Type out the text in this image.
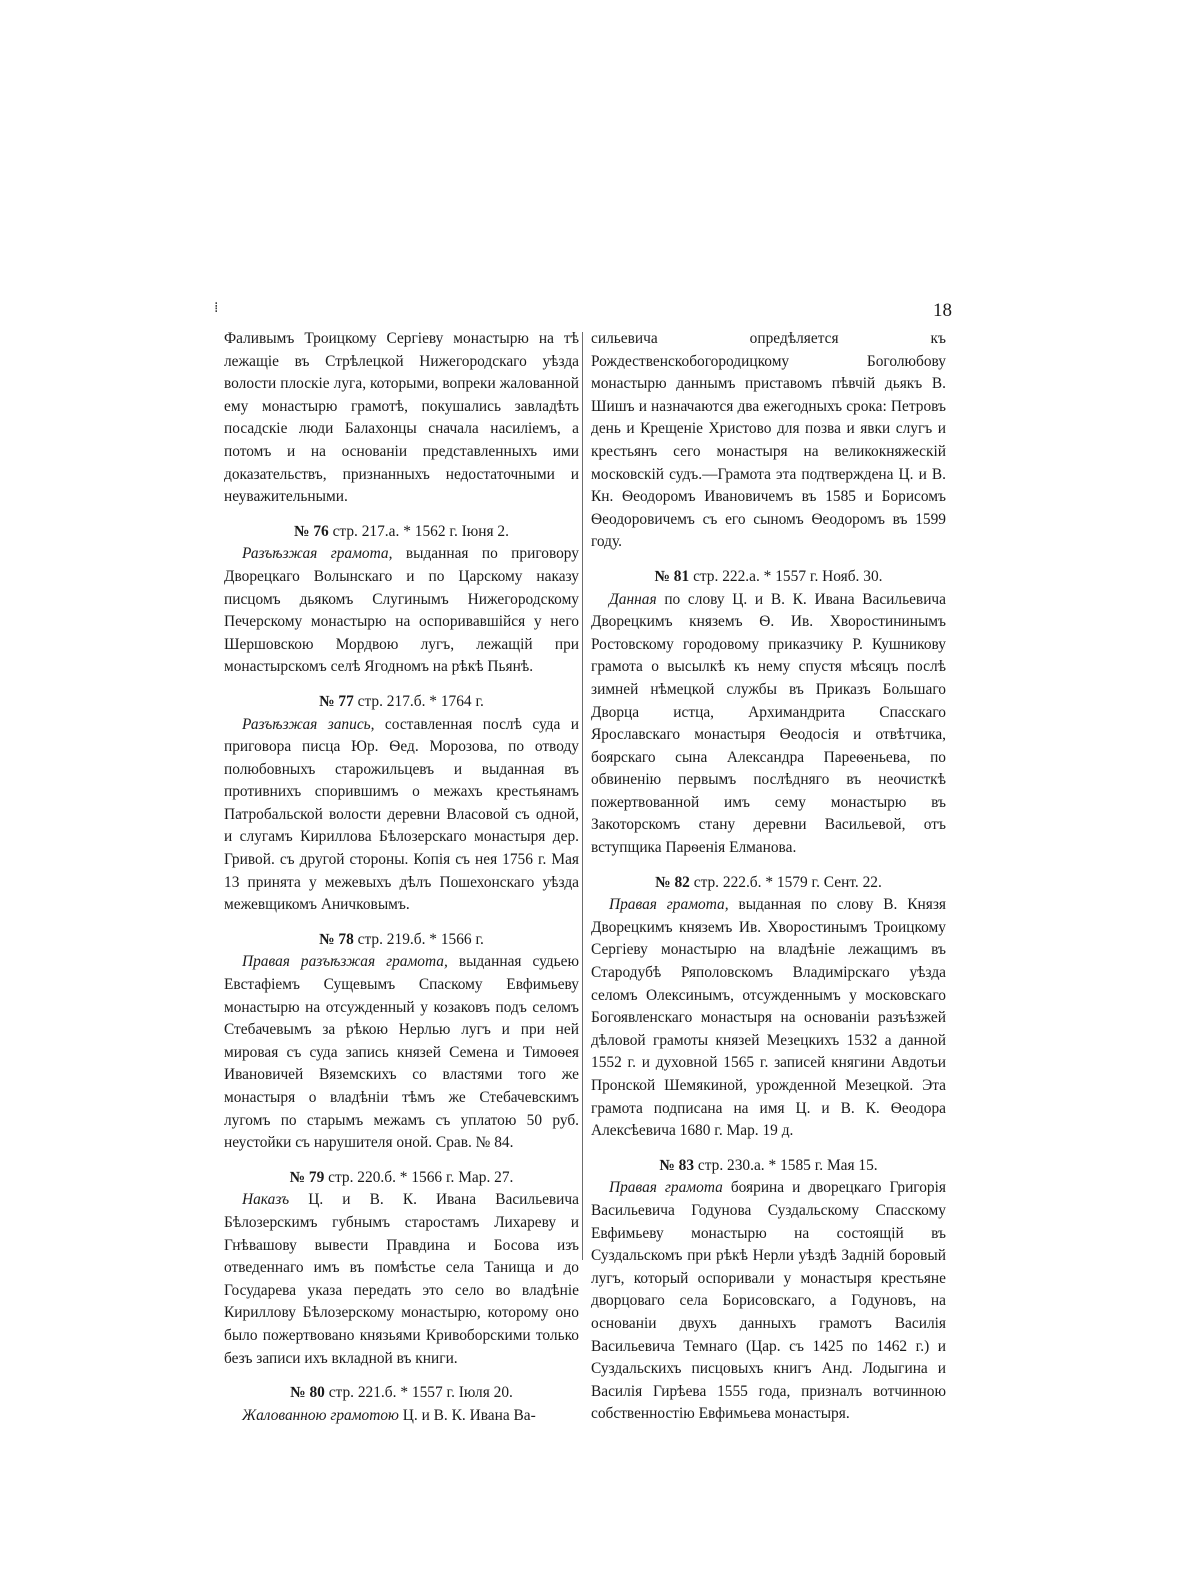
18
⁞

Фаливымъ Троицкому Сергіеву монастырю на тѣ лежащіе въ Стрѣлецкой Нижегородскаго уѣзда волости плоскіе луга, которыми, вопреки жалованной ему монастырю грамотѣ, покушались завладѣть посадскіе люди Балахонцы сначала насиліемъ, а потомъ и на основаніи представленныхъ ими доказательствъ, признанныхъ недостаточными и неуважительными.

№ 76 стр. 217.а. * 1562 г. Іюня 2.

Разъѣзжая грамота, выданная по приговору Дворецкаго Волынскаго и по Царскому наказу писцомъ дьякомъ Слугинымъ Нижегородскому Печерскому монастырю на оспоривавшійся у него Шершовскою Мордвою лугъ, лежащій при монастырскомъ селѣ Ягодномъ на рѣкѣ Пьянѣ.

№ 77 стр. 217.б. * 1764 г.

Разъѣзжая запись, составленная послѣ суда и приговора писца Юр. Ѳед. Морозова, по отводу полюбовныхъ старожильцевъ и выданная въ противнихъ спорившимъ о межахъ крестьянамъ Патробальской волости деревни Власовой съ одной, и слугамъ Кириллова Бѣлозерскаго монастыря дер. Гривой. съ другой стороны. Копія съ нея 1756 г. Мая 13 принята у межевыхъ дѣлъ Пошехонскаго уѣзда межевщикомъ Аничковымъ.

№ 78 стр. 219.б. * 1566 г.

Правая разъѣзжая грамота, выданная судьею Евстафіемъ Сущевымъ Спаскому Евфимьеву монастырю на отсужденный у козаковъ подъ селомъ Стебачевымъ за рѣкою Нерлью лугъ и при ней мировая съ суда запись князей Семена и Тимоѳея Ивановичей Вяземскихъ со властями того же монастыря о владѣніи тѣмъ же Стебачевскимъ лугомъ по старымъ межамъ съ уплатою 50 руб. неустойки съ нарушителя оной. Срав. № 84.

№ 79 стр. 220.б. * 1566 г. Мар. 27.

Наказъ Ц. и В. К. Ивана Васильевича Бѣлозерскимъ губнымъ старостамъ Лихареву и Гнѣвашову вывести Правдина и Босова изъ отведеннаго имъ въ помѣстье села Танища и до Государева указа передать это село во владѣніе Кириллову Бѣлозерскому монастырю, которому оно было пожертвовано князьями Кривоборскими только безъ записи ихъ вкладной въ книги.

№ 80 стр. 221.б. * 1557 г. Іюля 20.

Жалованною грамотою Ц. и В. К. Ивана Ва-

сильевича опредѣляется къ Рождественскобогородицкому Боголюбову монастырю даннымъ приставомъ пѣвчій дьякъ В. Шишъ и назначаются два ежегодныхъ срока: Петровъ день и Крещеніе Христово для позва и явки слугъ и крестьянъ сего монастыря на великокняжескій московскій судъ.—Грамота эта подтверждена Ц. и В. Кн. Ѳеодоромъ Ивановичемъ въ 1585 и Борисомъ Ѳеодоровичемъ съ его сыномъ Ѳеодоромъ въ 1599 году.

№ 81 стр. 222.а. * 1557 г. Нояб. 30.

Данная по слову Ц. и В. К. Ивана Васильевича Дворецкимъ княземъ Ѳ. Ив. Хворостининымъ Ростовскому городовому приказчику Р. Кушникову грамота о высылкѣ къ нему спустя мѣсяцъ послѣ зимней нѣмецкой службы въ Приказъ Большаго Дворца истца, Архимандрита Спасскаго Ярославскаго монастыря Ѳеодосія и отвѣтчика, боярскаго сына Александра Пареѳеньева, по обвиненію первымъ послѣдняго въ неочисткѣ пожертвованной имъ сему монастырю въ Закоторскомъ стану деревни Васильевой, отъ вступщика Парѳенія Елманова.

№ 82 стр. 222.б. * 1579 г. Сент. 22.

Правая грамота, выданная по слову В. Князя Дворецкимъ княземъ Ив. Хворостинымъ Троицкому Сергіеву монастырю на владѣніе лежащимъ въ Стародубѣ Ряполовскомъ Владимірскаго уѣзда селомъ Олексинымъ, отсужденнымъ у московскаго Богоявленскаго монастыря на основаніи разъѣзжей дѣловой грамоты князей Мезецкихъ 1532 а данной 1552 г. и духовной 1565 г. записей княгини Авдотьи Пронской Шемякиной, урожденной Мезецкой. Эта грамота подписана на имя Ц. и В. К. Ѳеодора Алексѣевича 1680 г. Мар. 19 д.

№ 83 стр. 230.а. * 1585 г. Мая 15.

Правая грамота боярина и дворецкаго Григорія Васильевича Годунова Суздальскому Спасскому Евфимьеву монастырю на состоящій въ Суздальскомъ при рѣкѣ Нерли уѣздѣ Заднiй боровый лугъ, который оспоривали у монастыря крестьяне дворцоваго села Борисовскаго, а Годуновъ, на основаніи двухъ данныхъ грамотъ Василія Васильевича Темнаго (Цар. съ 1425 по 1462 г.) и Суздальскихъ писцовыхъ книгъ Анд. Лодыгина и Василія Гирѣева 1555 года, призналъ вотчинною собственностію Евфимьева монастыря.
